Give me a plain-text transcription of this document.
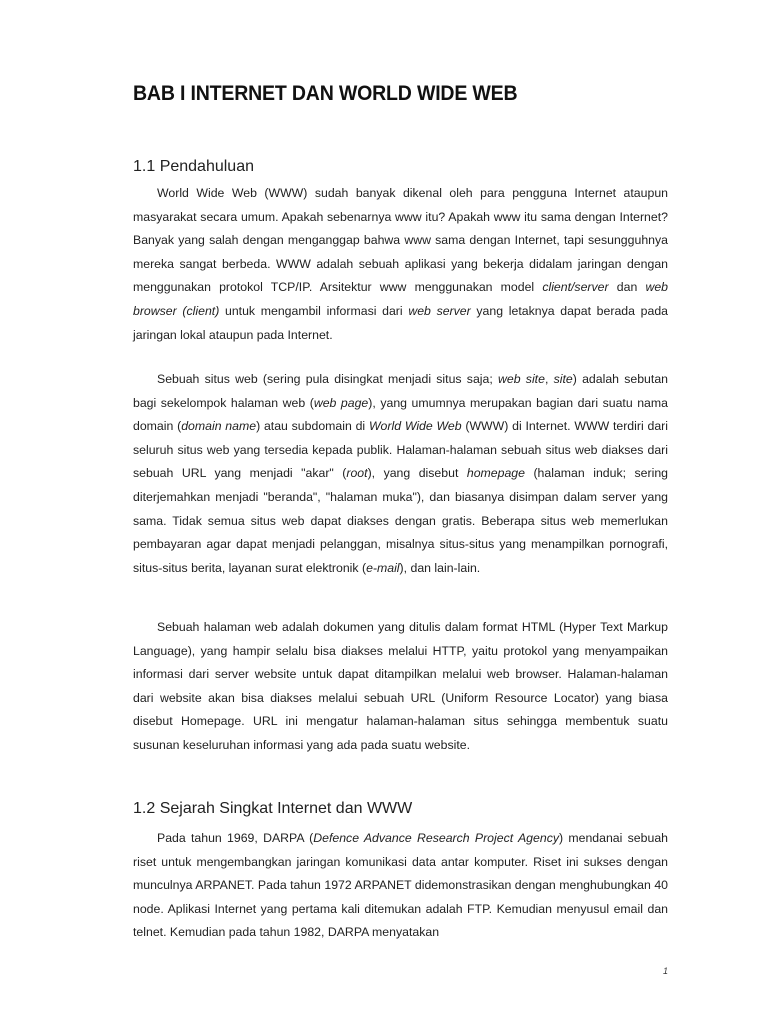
BAB I INTERNET DAN WORLD WIDE WEB
1.1 Pendahuluan

World Wide Web (WWW) sudah banyak dikenal oleh para pengguna Internet ataupun masyarakat secara umum. Apakah sebenarnya www itu? Apakah www itu sama dengan Internet? Banyak yang salah dengan menganggap bahwa www sama dengan Internet, tapi sesungguhnya mereka sangat berbeda. WWW adalah sebuah aplikasi yang bekerja didalam jaringan dengan menggunakan protokol TCP/IP. Arsitektur www menggunakan model client/server dan web browser (client) untuk mengambil informasi dari web server yang letaknya dapat berada pada jaringan lokal ataupun pada Internet.

Sebuah situs web (sering pula disingkat menjadi situs saja; web site, site) adalah sebutan bagi sekelompok halaman web (web page), yang umumnya merupakan bagian dari suatu nama domain (domain name) atau subdomain di World Wide Web (WWW) di Internet. WWW terdiri dari seluruh situs web yang tersedia kepada publik. Halaman-halaman sebuah situs web diakses dari sebuah URL yang menjadi "akar" (root), yang disebut homepage (halaman induk; sering diterjemahkan menjadi "beranda", "halaman muka"), dan biasanya disimpan dalam server yang sama. Tidak semua situs web dapat diakses dengan gratis. Beberapa situs web memerlukan pembayaran agar dapat menjadi pelanggan, misalnya situs-situs yang menampilkan pornografi, situs-situs berita, layanan surat elektronik (e-mail), dan lain-lain.

Sebuah halaman web adalah dokumen yang ditulis dalam format HTML (Hyper Text Markup Language), yang hampir selalu bisa diakses melalui HTTP, yaitu protokol yang menyampaikan informasi dari server website untuk dapat ditampilkan melalui web browser. Halaman-halaman dari website akan bisa diakses melalui sebuah URL (Uniform Resource Locator) yang biasa disebut Homepage. URL ini mengatur halaman-halaman situs sehingga membentuk suatu susunan keseluruhan informasi yang ada pada suatu website.

1.2 Sejarah Singkat Internet dan WWW

Pada tahun 1969, DARPA (Defence Advance Research Project Agency) mendanai sebuah riset untuk mengembangkan jaringan komunikasi data antar komputer. Riset ini sukses dengan munculnya ARPANET. Pada tahun 1972 ARPANET didemonstrasikan dengan menghubungkan 40 node. Aplikasi Internet yang pertama kali ditemukan adalah FTP. Kemudian menyusul email dan telnet. Kemudian pada tahun 1982, DARPA menyatakan

1
